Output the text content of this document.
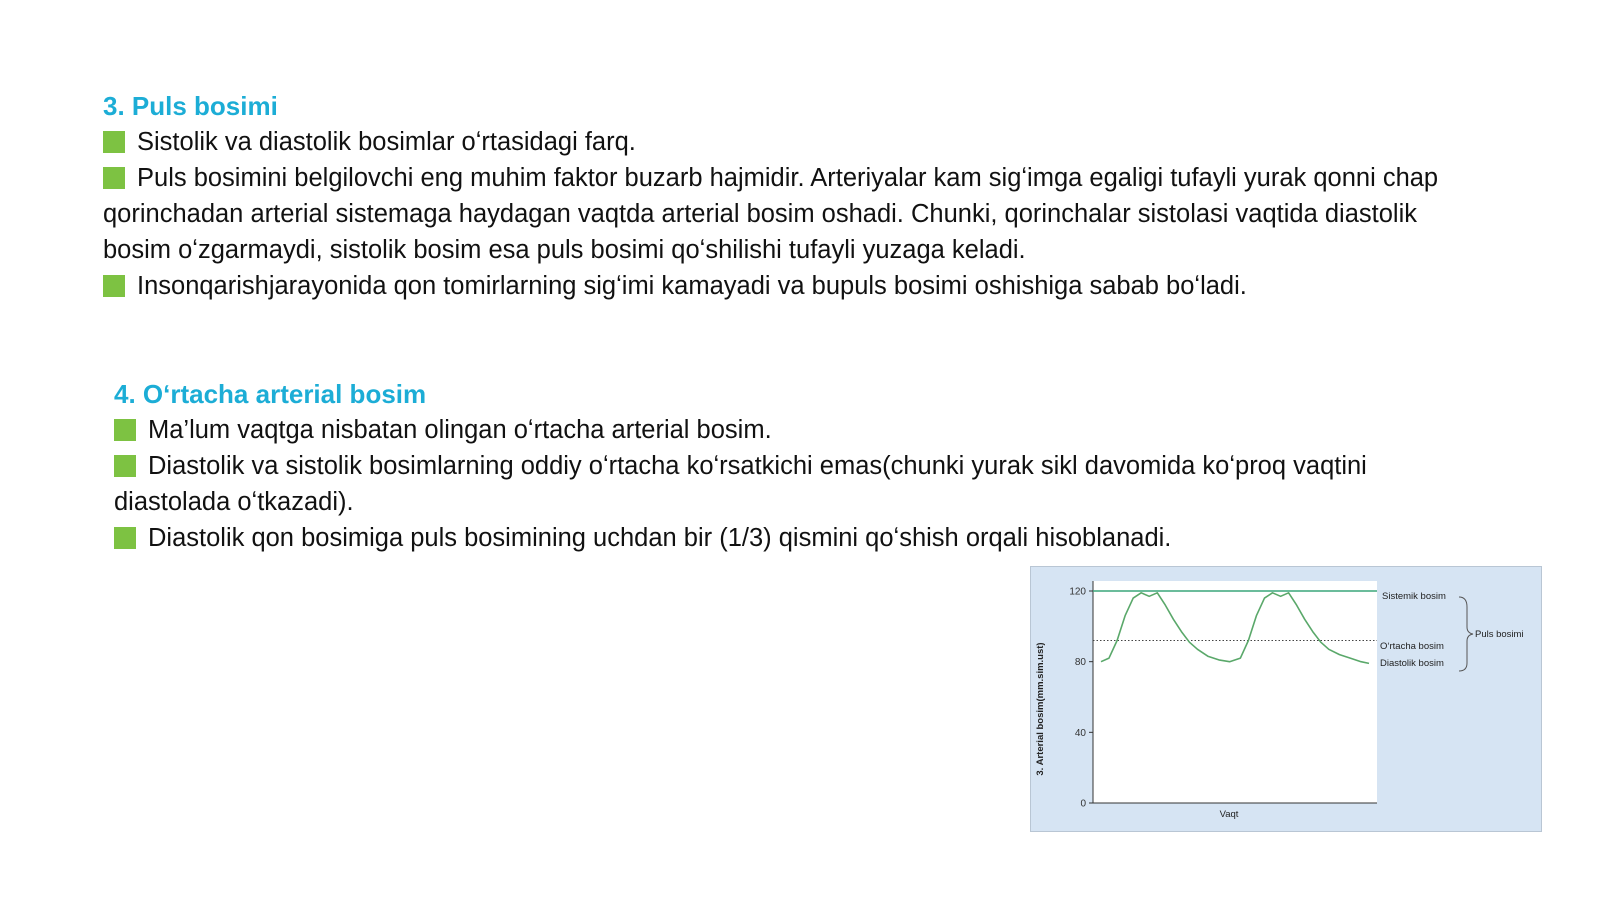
3. Puls bosimi

Sistolik va diastolik bosimlar oʻrtasidagi farq.

Puls bosimini belgilovchi eng muhim faktor buzarb hajmidir. Arteriyalar kam sigʻimga egaligi tufayli yurak qonni chap qorinchadan arterial sistemaga haydagan vaqtda arterial bosim oshadi. Chunki, qorinchalar sistolasi vaqtida diastolik bosim oʻzgarmaydi, sistolik bosim esa puls bosimi qoʻshilishi tufayli yuzaga keladi.

Insonqarishjarayonida qon tomirlarning sigʻimi kamayadi va bupuls bosimi oshishiga sabab boʻladi.

4. Oʻrtacha arterial bosim

Ma’lum vaqtga nisbatan olingan oʻrtacha arterial bosim.

Diastolik va sistolik bosimlarning oddiy oʻrtacha koʻrsatkichi emas(chunki yurak sikl davomida koʻproq vaqtini diastolada oʻtkazadi).

Diastolik qon bosimiga puls bosimining uchdan bir (1/3) qismini qoʻshish orqali hisoblanadi.

0
40
80
120
Vaqt
3. Arterial bosim(mm.sim.ust)
Sistemik bosim
Oʻrtacha bosim
Diastolik bosim
Puls bosimi
